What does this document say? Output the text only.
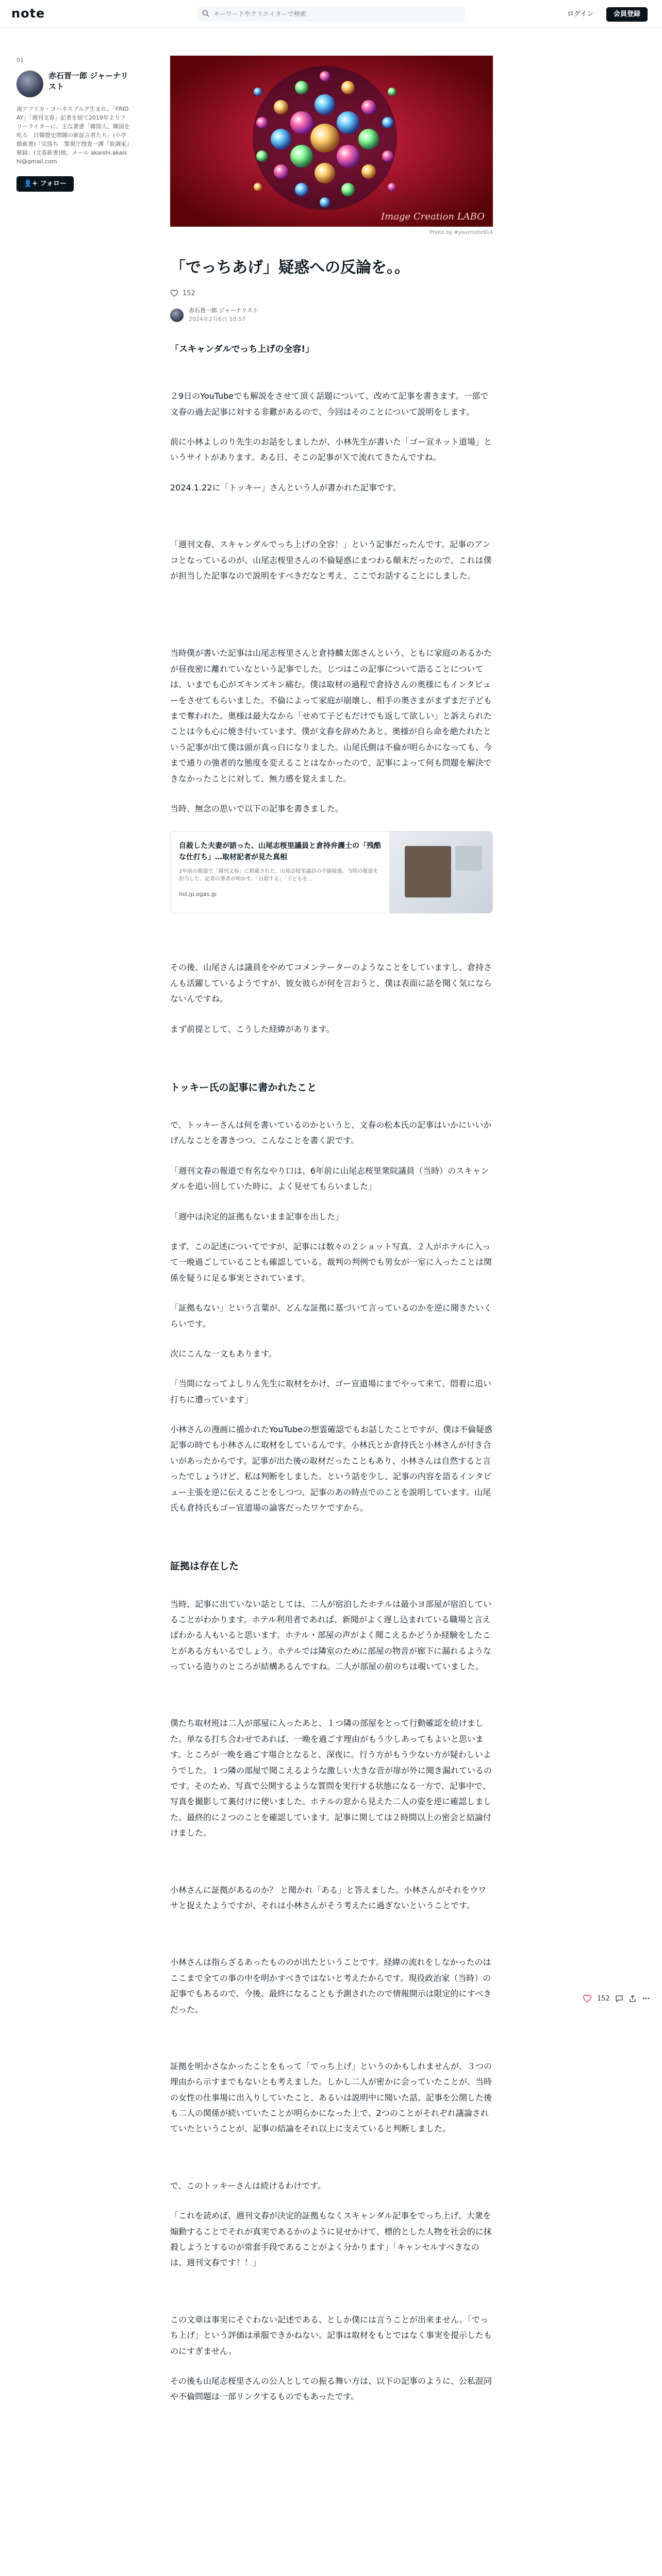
note
キーワードやクリエイターで検索	ログイン	会員登録
01
赤石晋一郎 ジャーナリスト
南アフリカ・ヨハネスブルグ生まれ。「FRIDAY」「週刊文春」記者を経て2019年よりフリーライターに。主な著書「韓国人、韓国を叱る　日韓歴史問題の新証言者たち」(小学館新書)「完落ち　警視庁捜査一課『取調室』秘録」(文春新書)他、メール akaishi.akaishi@gmail.com
👤+ フォロー
Image Creation LABO
Photo by #yourmoto914
「でっちあげ」疑惑への反論を。。
152
赤石晋一郎 ジャーナリスト
2024年2月6日 10:57

「スキャンダルでっち上げの全容!」

２9日のYouTubeでも解説をさせて頂く話題について、改めて記事を書きます。一部で文春の過去記事に対する非難があるので、今回はそのことについて説明をします。

前に小林よしのり先生のお話をしましたが、小林先生が書いた「ゴー宣ネット道場」というサイトがあります。ある日、そこの記事がＸで流れてきたんですね。

2024.1.22に「トッキー」さんという人が書かれた記事です。

「週刊文春、スキャンダルでっち上げの全容！」という記事だったんです。記事のアンコとなっているのが、山尾志桜里さんの不倫疑惑にまつわる顛末だったので、これは僕が担当した記事なので説明をすべきだなと考え、ここでお話することにしました。

当時僕が書いた記事は山尾志桜里さんと倉持麟太郎さんという、ともに家庭のあるかたが昼夜密に離れていなという記事でした。じつはこの記事について語ることについては、いまでも心がズキンズキン痛む。僕は取材の過程で倉持さんの奥様にもインタビューをさせてもらいました。不倫によって家庭が崩壊し、相手の奥さまがまずまだ子どもまで奪われた。奥様は最大なから「せめて子どもだけでも返して欲しい」と訴えられたことは今も心に焼き付いています。僕が文春を辞めたあと、奥様が自ら命を絶たれたという記事が出て僕は頭が真っ白になりました。山尾氏側は不倫が明らかになっても、今まで通りの強者的な態度を変えることはなかったので、記事によって何も問題を解決できなかったことに対して、無力感を覚えました。

当時、無念の思いで以下の記事を書きました。

自殺した夫妻が語った、山尾志桜里議員と倉持弁護士の「残酷な仕打ち」…取材記者が見た真相
2年前の報道で「週刊文春」に掲載された、山尾志桜里議員の不倫疑惑。当時の報道を担当した、記者の筆者が明かす、「自殺する」「子どもを...
list.jp.ogas.jp

その後、山尾さんは議員をやめてコメンテーターのようなことをしていますし、倉持さんも活躍しているようですが、彼女彼らが何を言おうと、僕は表面に話を聞く気にならないんですね。

まず前提として、こうした経緯があります。

トッキー氏の記事に書かれたこと

で、トッキーさんは何を書いているのかというと、文春の松本氏の記事はいかにいいかげんなことを書きつつ、こんなことを書く訳です。

「週刊文春の報道で有名なやり口は、6年前に山尾志桜里衆院議員（当時）のスキャンダルを追い回していた時に、よく見せてもらいました」

「週中は決定的証拠もないまま記事を出した」

まず、この記述についてですが、記事には数々の２ショット写真、２人がホテルに入って一晩過ごしていることも確認している。裁判の判例でも男女が一室に入ったことは関係を疑うに足る事実とされています。

「証拠もない」という言葉が、どんな証拠に基づいて言っているのかを逆に聞きたいくらいです。

次にこんな一文もあります。

「当間になってよしりん先生に取材をかけ、ゴー宣道場にまでやって来て、悶着に追い打ちに遭っています」

小林さんの漫画に描かれたYouTubeの想霊確認でもお話したことですが、僕は不倫疑惑記事の時でも小林さんに取材をしているんです。小林氏とか倉持氏と小林さんが付き合いがあったからです。記事が出た後の取材だったこともあり、小林さんは自然すると言ったでしょうけど、私は判断をしました。という話を少し、記事の内容を語るインタビュー主張を逆に伝えることをしつつ、記事のあの時点でのことを説明しています。山尾氏も倉持氏もゴー宣道場の論客だったワケですから。

証拠は存在した

当時、記事に出ていない話としては、二人が宿泊したホテルは最小ヨ部屋が宿泊していることがわかります。ホテル利用者であれば、新聞がよく遅し込まれている職場と言えばわかる人もいると思います。ホテル・部屋の声がよく聞こえるかどうか経験をしたことがある方もいるでしょう。ホテルでは隣室のために部屋の物音が廊下に漏れるようなっている造りのところが結構あるんですね。二人が部屋の前のちは覗いていました。

僕たち取材班は二人が部屋に入ったあと、１つ隣の部屋をとって行動確認を続けました。単なる打ち合わせであれば、一晩を過ごす理由がもう少しあってもよいと思います。ところが一晩を過ごす場合となると、深夜に。行う方がもう少ない方が疑わしいようでした。１つ隣の部屋で聞こえるような激しい大きな音が扉が外に聞き漏れているのです。そのため、写真で公開するような質問を実行する状態になる一方で、記事中で、写真を撮影して裏付けに使いました。ホテルの窓から見えた二人の姿を逆に確認しました。最終的に２つのことを確認しています。記事に関しては２時間以上の密会と結論付けました。

小林さんに証拠があるのか？ と聞かれ「ある」と答えました。小林さんがそれをウワサと捉えたようですが、それは小林さんがそう考えたに過ぎないということです。

小林さんは指らざるあったもののが出たということです。経緯の流れをしなかったのはここまで全ての事の中を明かすべきではないと考えたからです。現役政治家（当時）の記事でもあるので、今後、最終になることも予測されたので情報開示は限定的にすべきだった。

証拠を明かさなかったことをもって「でっち上げ」というのかもしれませんが、３つの理由から示すまでもないとも考えました。しかし二人が密かに会っていたことが、当時の女性の仕事場に出入りしていたこと、あるいは説明中に聞いた話、記事を公開した後も二人の関係が続いていたことが明らかになった上で、2つのことがそれぞれ議論されていたということが、記事の結論をそれ以上に支えていると判断しました。

で、このトッキーさんは続けるわけです。

「これを読めば、週刊文春が決定的証拠もなくスキャンダル記事をでっち上げ、大衆を煽動することでそれが真実であるかのように見せかけて、標的とした人物を社会的に抹殺しようとするのが常套手段であることがよく分かります」「キャンセルすべきなのは、週刊文春です！！」

この文章は事実にそぐわない記述である、としか僕には言うことが出来ません。「でっち上げ」という評価は承服できかねない。記事は取材をもとではなく事実を提示したものにすぎません。

その後も山尾志桜里さんの公人としての振る舞い方は、以下の記事のように、公私混同や不倫問題は一部リンクするものでもあったです。

152
